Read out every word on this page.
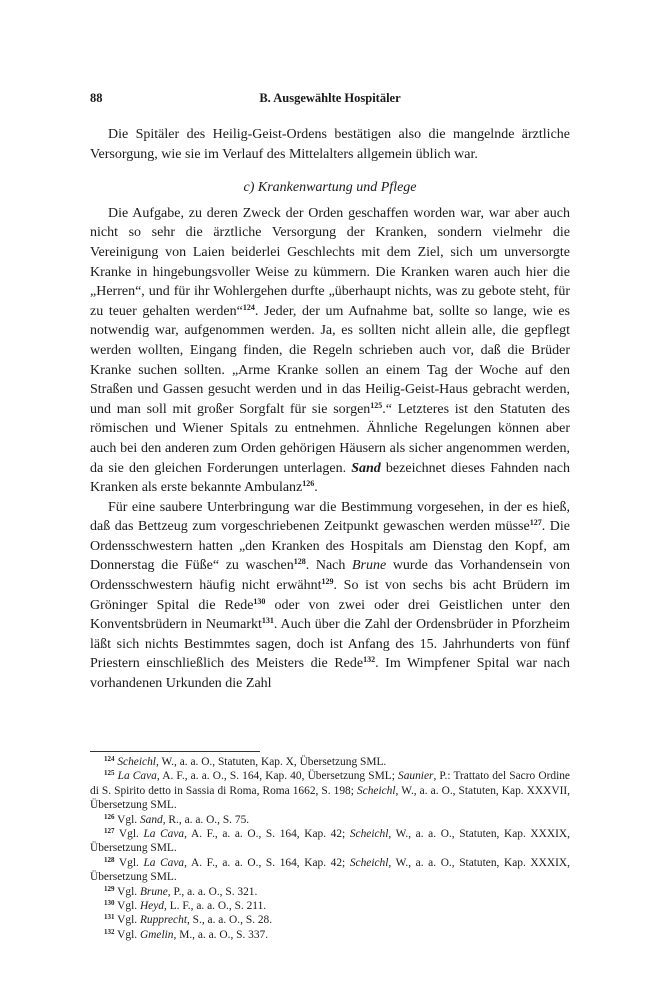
88	B. Ausgewählte Hospitäler

Die Spitäler des Heilig-Geist-Ordens bestätigen also die mangelnde ärztliche Versorgung, wie sie im Verlauf des Mittelalters allgemein üblich war.

c) Krankenwartung und Pflege

Die Aufgabe, zu deren Zweck der Orden geschaffen worden war, war aber auch nicht so sehr die ärztliche Versorgung der Kranken, sondern vielmehr die Vereinigung von Laien beiderlei Geschlechts mit dem Ziel, sich um unversorgte Kranke in hingebungsvoller Weise zu kümmern. Die Kranken waren auch hier die „Herren“, und für ihr Wohlergehen durfte „überhaupt nichts, was zu gebote steht, für zu teuer gehalten werden“$^{124}$. Jeder, der um Aufnahme bat, sollte so lange, wie es notwendig war, aufgenommen werden. Ja, es sollten nicht allein alle, die gepflegt werden wollten, Eingang finden, die Regeln schrieben auch vor, daß die Brüder Kranke suchen sollten. „Arme Kranke sollen an einem Tag der Woche auf den Straßen und Gassen gesucht werden und in das Heilig-Geist-Haus gebracht werden, und man soll mit großer Sorgfalt für sie sorgen$^{125}$.“ Letzteres ist den Statuten des römischen und Wiener Spitals zu entnehmen. Ähnliche Regelungen können aber auch bei den anderen zum Orden gehörigen Häusern als sicher angenommen werden, da sie den gleichen Forderungen unterlagen. Sand bezeichnet dieses Fahnden nach Kranken als erste bekannte Ambulanz$^{126}$.

Für eine saubere Unterbringung war die Bestimmung vorgesehen, in der es hieß, daß das Bettzeug zum vorgeschriebenen Zeitpunkt gewaschen werden müsse$^{127}$. Die Ordensschwestern hatten „den Kranken des Hospitals am Dienstag den Kopf, am Donnerstag die Füße“ zu waschen$^{128}$. Nach Brune wurde das Vorhandensein von Ordensschwestern häufig nicht erwähnt$^{129}$. So ist von sechs bis acht Brüdern im Gröninger Spital die Rede$^{130}$ oder von zwei oder drei Geistlichen unter den Konventsbrüdern in Neumarkt$^{131}$. Auch über die Zahl der Ordensbrüder in Pforzheim läßt sich nichts Bestimmtes sagen, doch ist Anfang des 15. Jahrhunderts von fünf Priestern einschließlich des Meisters die Rede$^{132}$. Im Wimpfener Spital war nach vorhandenen Urkunden die Zahl

$^{124}$ Scheichl, W., a. a. O., Statuten, Kap. X, Übersetzung SML.

$^{125}$ La Cava, A. F., a. a. O., S. 164, Kap. 40, Übersetzung SML; Saunier, P.: Trattato del Sacro Ordine di S. Spirito detto in Sassia di Roma, Roma 1662, S. 198; Scheichl, W., a. a. O., Statuten, Kap. XXXVII, Übersetzung SML.

$^{126}$ Vgl. Sand, R., a. a. O., S. 75.

$^{127}$ Vgl. La Cava, A. F., a. a. O., S. 164, Kap. 42; Scheichl, W., a. a. O., Statuten, Kap. XXXIX, Übersetzung SML.

$^{128}$ Vgl. La Cava, A. F., a. a. O., S. 164, Kap. 42; Scheichl, W., a. a. O., Statuten, Kap. XXXIX, Übersetzung SML.

$^{129}$ Vgl. Brune, P., a. a. O., S. 321.

$^{130}$ Vgl. Heyd, L. F., a. a. O., S. 211.

$^{131}$ Vgl. Rupprecht, S., a. a. O., S. 28.

$^{132}$ Vgl. Gmelin, M., a. a. O., S. 337.
